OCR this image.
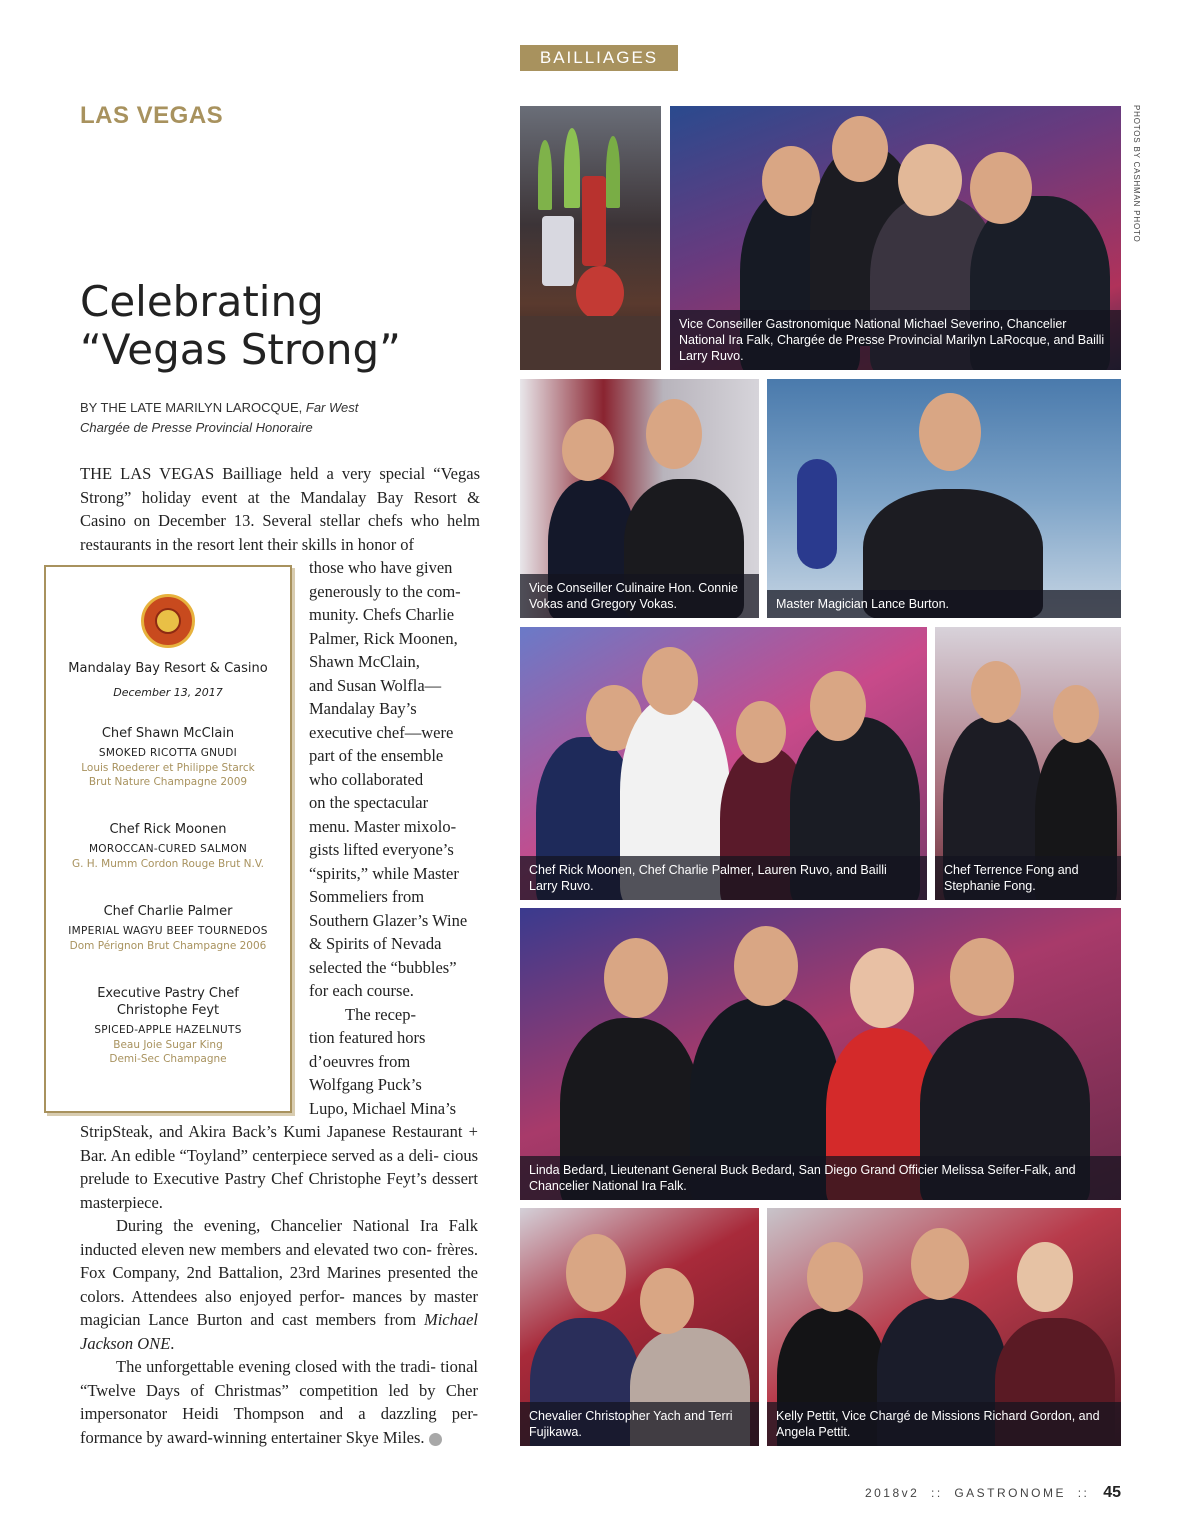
BAILLIAGES
LAS VEGAS
Celebrating
“Vegas Strong”
BY THE LATE MARILYN LAROCQUE, Far West
Chargée de Presse Provincial Honoraire

THE LAS VEGAS Bailliage held a very special “Vegas Strong” holiday event at the Mandalay Bay Resort & Casino on December 13. Several stellar chefs who helm restaurants in the resort lent their skills in honor of

those who have given
generously to the com-
munity. Chefs Charlie
Palmer, Rick Moonen,
Shawn McClain,
and Susan Wolfla—
Mandalay Bay’s
executive chef—were
part of the ensemble
who collaborated
on the spectacular
menu. Master mixolo-
gists lifted everyone’s
“spirits,” while Master
Sommeliers from
Southern Glazer’s Wine
& Spirits of Nevada
selected the “bubbles”
for each course.
The recep-
tion featured hors
d’oeuvres from
Wolfgang Puck’s
Lupo, Michael Mina’s

StripSteak, and Akira Back’s Kumi Japanese Restaurant + Bar. An edible “Toyland” centerpiece served as a deli- cious prelude to Executive Pastry Chef Christophe Feyt’s dessert masterpiece.

During the evening, Chancelier National Ira Falk inducted eleven new members and elevated two con- frères. Fox Company, 2nd Battalion, 23rd Marines presented the colors. Attendees also enjoyed perfor- mances by master magician Lance Burton and cast members from Michael Jackson ONE.

The unforgettable evening closed with the tradi- tional “Twelve Days of Christmas” competition led by Cher impersonator Heidi Thompson and a dazzling per- formance by award-winning entertainer Skye Miles.	G

Mandalay Bay Resort & Casino
December 13, 2017
Chef Shawn McClain
SMOKED RICOTTA GNUDI
Louis Roederer et Philippe Starck
Brut Nature Champagne 2009
Chef Rick Moonen
MOROCCAN-CURED SALMON
G. H. Mumm Cordon Rouge Brut N.V.
Chef Charlie Palmer
IMPERIAL WAGYU BEEF TOURNEDOS
Dom Pérignon Brut Champagne 2006
Executive Pastry Chef
Christophe Feyt
SPICED-APPLE HAZELNUTS
Beau Joie Sugar King
Demi-Sec Champagne
Vice Conseiller Gastronomique National Michael Severino, Chancelier National Ira Falk, Chargée de Presse Provincial Marilyn LaRocque, and Bailli Larry Ruvo.
PHOTOS BY CASHMAN PHOTO
Vice Conseiller Culinaire Hon. Connie Vokas and Gregory Vokas.	Master Magician Lance Burton.
Chef Rick Moonen, Chef Charlie Palmer, Lauren Ruvo, and Bailli Larry Ruvo.
Chef Terrence Fong and Stephanie Fong.
Linda Bedard, Lieutenant General Buck Bedard, San Diego Grand Officier Melissa Seifer-Falk, and Chancelier National Ira Falk.
Chevalier Christopher Yach and Terri Fujikawa.
Kelly Pettit, Vice Chargé de Missions Richard Gordon, and Angela Pettit.
2018v2 :: GASTRONOME :: 45
